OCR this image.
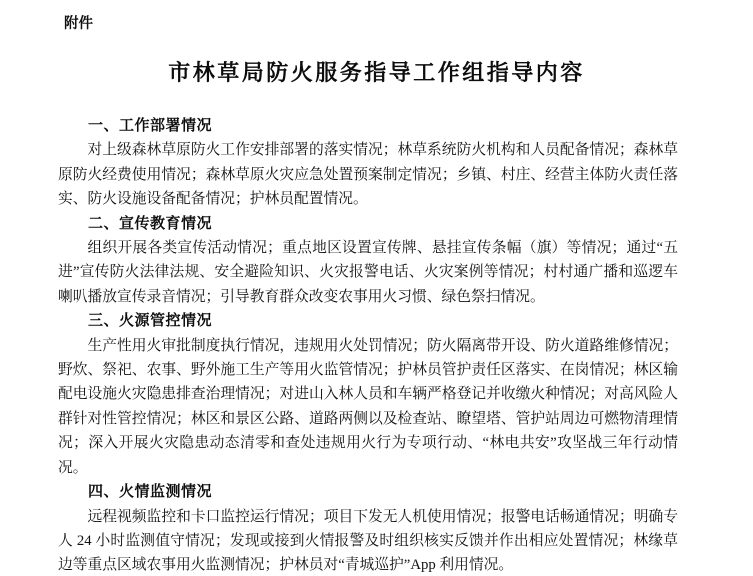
附件
市林草局防火服务指导工作组指导内容
一、工作部署情况

对上级森林草原防火工作安排部署的落实情况；林草系统防火机构和人员配备情况；森林草原防火经费使用情况；森林草原火灾应急处置预案制定情况；乡镇、村庄、经营主体防火责任落实、防火设施设备配备情况；护林员配置情况。

二、宣传教育情况

组织开展各类宣传活动情况；重点地区设置宣传牌、悬挂宣传条幅（旗）等情况；通过“五进”宣传防火法律法规、安全避险知识、火灾报警电话、火灾案例等情况；村村通广播和巡逻车喇叭播放宣传录音情况；引导教育群众改变农事用火习惯、绿色祭扫情况。

三、火源管控情况

生产性用火审批制度执行情况，违规用火处罚情况；防火隔离带开设、防火道路维修情况；野炊、祭祀、农事、野外施工生产等用火监管情况；护林员管护责任区落实、在岗情况；林区输配电设施火灾隐患排查治理情况；对进山入林人员和车辆严格登记并收缴火种情况；对高风险人群针对性管控情况；林区和景区公路、道路两侧以及检查站、瞭望塔、管护站周边可燃物清理情况；深入开展火灾隐患动态清零和查处违规用火行为专项行动、“林电共安”攻坚战三年行动情况。

四、火情监测情况

远程视频监控和卡口监控运行情况；项目下发无人机使用情况；报警电话畅通情况；明确专人 24 小时监测值守情况；发现或接到火情报警及时组织核实反馈并作出相应处置情况；林缘草边等重点区域农事用火监测情况；护林员对“青城巡护”App 利用情况。
